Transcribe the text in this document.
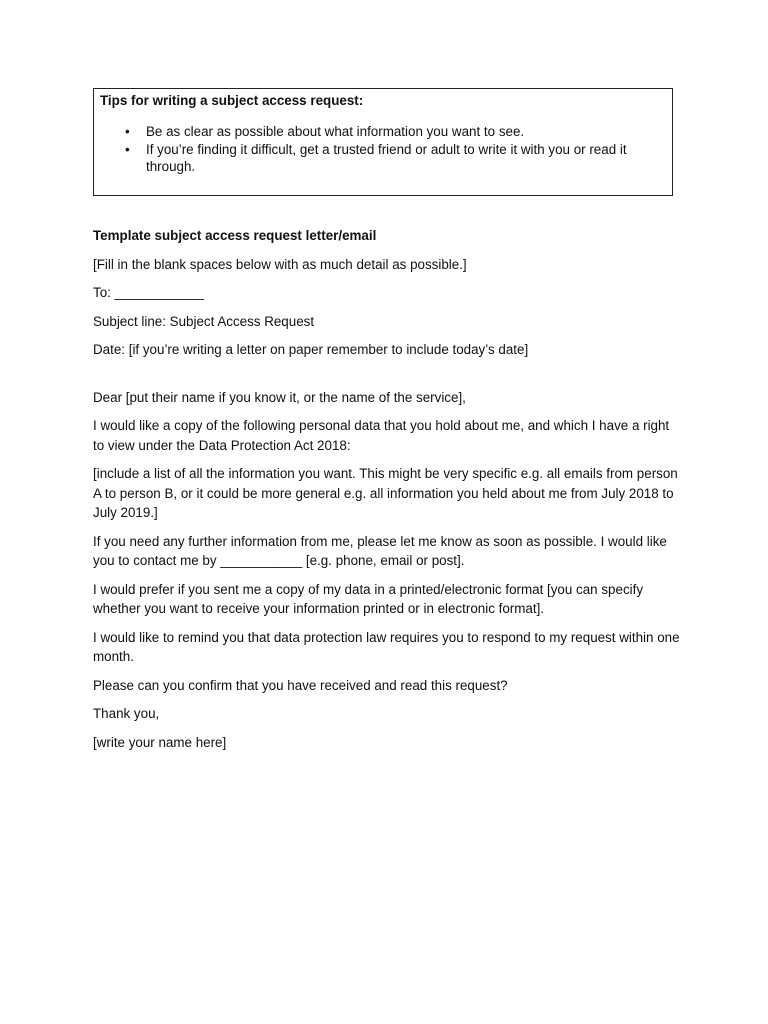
Tips for writing a subject access request:

• Be as clear as possible about what information you want to see.
• If you’re finding it difficult, get a trusted friend or adult to write it with you or read it through.

Template subject access request letter/email

[Fill in the blank spaces below with as much detail as possible.]

To: ____________

Subject line: Subject Access Request

Date: [if you’re writing a letter on paper remember to include today’s date]

Dear [put their name if you know it, or the name of the service],

I would like a copy of the following personal data that you hold about me, and which I have a right to view under the Data Protection Act 2018:

[include a list of all the information you want. This might be very specific e.g. all emails from person A to person B, or it could be more general e.g. all information you held about me from July 2018 to July 2019.]

If you need any further information from me, please let me know as soon as possible. I would like you to contact me by ___________ [e.g. phone, email or post].

I would prefer if you sent me a copy of my data in a printed/electronic format [you can specify whether you want to receive your information printed or in electronic format].

I would like to remind you that data protection law requires you to respond to my request within one month.

Please can you confirm that you have received and read this request?

Thank you,

[write your name here]
